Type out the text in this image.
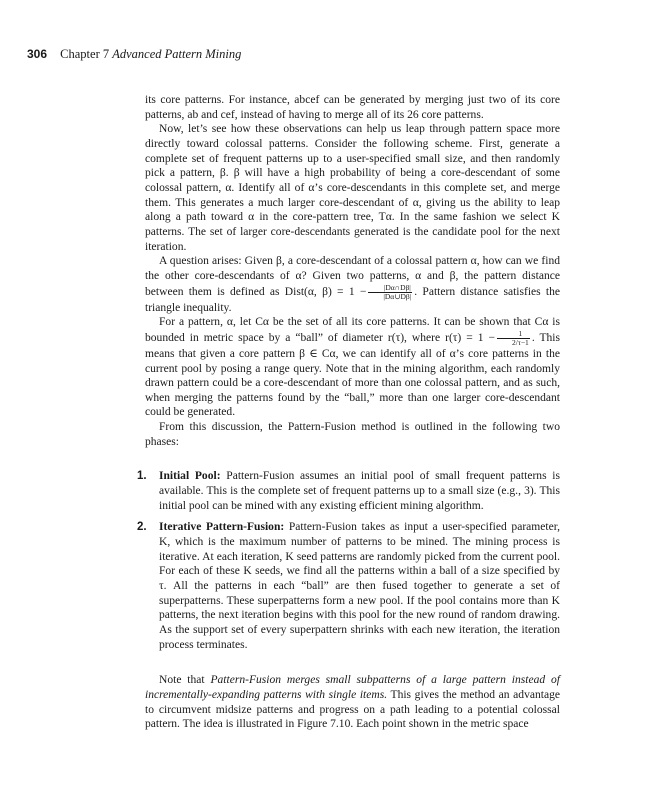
306 Chapter 7 Advanced Pattern Mining

its core patterns. For instance, abcef can be generated by merging just two of its core patterns, ab and cef, instead of having to merge all of its 26 core patterns.

Now, let’s see how these observations can help us leap through pattern space more directly toward colossal patterns. Consider the following scheme. First, generate a complete set of frequent patterns up to a user-specified small size, and then randomly pick a pattern, β. β will have a high probability of being a core-descendant of some colossal pattern, α. Identify all of α’s core-descendants in this complete set, and merge them. This generates a much larger core-descendant of α, giving us the ability to leap along a path toward α in the core-pattern tree, Tα. In the same fashion we select K patterns. The set of larger core-descendants generated is the candidate pool for the next iteration.

A question arises: Given β, a core-descendant of a colossal pattern α, how can we find the other core-descendants of α? Given two patterns, α and β, the pattern distance between them is defined as Dist(α, $\beta) = 1 - \frac{|D\alpha\cap D\beta|}{|D\alpha\cup D\beta|}$ . Pattern distance satisfies the triangle inequality.

For a pattern, α, let Cα be the set of all its core patterns. It can be shown that Cα is bounded in metric space by a “ball” of diameter r(τ), where $r(\tau) = 1 - \frac{1}{2/\tau-1}$ . This means that given a core pattern β ∈ Cα, we can identify all of α’s core patterns in the current pool by posing a range query. Note that in the mining algorithm, each randomly drawn pattern could be a core-descendant of more than one colossal pattern, and as such, when merging the patterns found by the “ball,” more than one larger core-descendant could be generated.

From this discussion, the Pattern-Fusion method is outlined in the following two phases:

1. Initial Pool: Pattern-Fusion assumes an initial pool of small frequent patterns is available. This is the complete set of frequent patterns up to a small size (e.g., 3). This initial pool can be mined with any existing efficient mining algorithm.
2. Iterative Pattern-Fusion: Pattern-Fusion takes as input a user-specified parameter, K, which is the maximum number of patterns to be mined. The mining process is iterative. At each iteration, K seed patterns are randomly picked from the current pool. For each of these K seeds, we find all the patterns within a ball of a size specified by τ. All the patterns in each “ball” are then fused together to generate a set of superpatterns. These superpatterns form a new pool. If the pool contains more than K patterns, the next iteration begins with this pool for the new round of random drawing. As the support set of every superpattern shrinks with each new iteration, the iteration process terminates.

Note that Pattern-Fusion merges small subpatterns of a large pattern instead of incrementally-expanding patterns with single items. This gives the method an advantage to circumvent midsize patterns and progress on a path leading to a potential colossal pattern. The idea is illustrated in Figure 7.10. Each point shown in the metric space
